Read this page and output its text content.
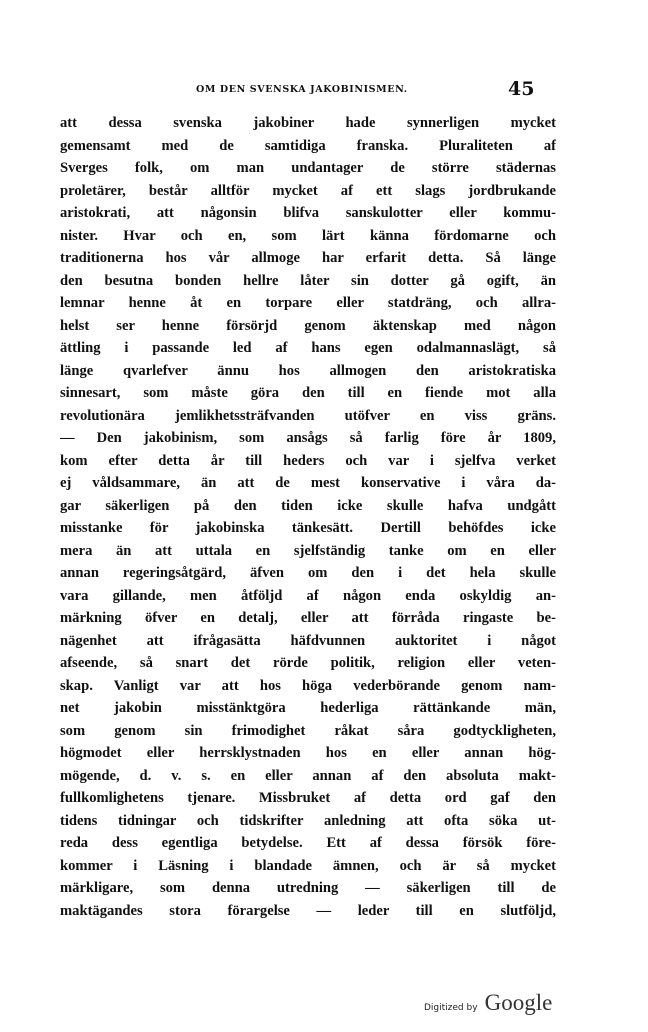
OM DEN SVENSKA JAKOBINISMEN.	45
att dessa svenska jakobiner hade synnerligen mycket
gemensamt med de samtidiga franska. Pluraliteten af
Sverges folk, om man undantager de större städernas
proletärer, består alltför mycket af ett slags jordbrukande
aristokrati, att någonsin blifva sanskulotter eller kommu-
nister. Hvar och en, som lärt känna fördomarne och
traditionerna hos vår allmoge har erfarit detta. Så länge
den besutna bonden hellre låter sin dotter gå ogift, än
lemnar henne åt en torpare eller statdräng, och allra-
helst ser henne försörjd genom äktenskap med någon
ättling i passande led af hans egen odalmannaslägt, så
länge qvarlefver ännu hos allmogen den aristokratiska
sinnesart, som måste göra den till en fiende mot alla
revolutionära jemlikhetssträfvanden utöfver en viss gräns.
— Den jakobinism, som ansågs så farlig före år 1809,
kom efter detta år till heders och var i sjelfva verket
ej våldsammare, än att de mest konservative i våra da-
gar säkerligen på den tiden icke skulle hafva undgått
misstanke för jakobinska tänkesätt. Dertill behöfdes icke
mera än att uttala en sjelfständig tanke om en eller
annan regeringsåtgärd, äfven om den i det hela skulle
vara gillande, men åtföljd af någon enda oskyldig an-
märkning öfver en detalj, eller att förråda ringaste be-
nägenhet att ifrågasätta häfdvunnen auktoritet i något
afseende, så snart det rörde politik, religion eller veten-
skap. Vanligt var att hos höga vederbörande genom nam-
net jakobin misstänktgöra hederliga rättänkande män,
som genom sin frimodighet råkat såra godtyckligheten,
högmodet eller herrsklystnaden hos en eller annan hög-
mögende, d. v. s. en eller annan af den absoluta makt-
fullkomlighetens tjenare. Missbruket af detta ord gaf den
tidens tidningar och tidskrifter anledning att ofta söka ut-
reda dess egentliga betydelse. Ett af dessa försök före-
kommer i Läsning i blandade ämnen, och är så mycket
märkligare, som denna utredning — säkerligen till de
maktägandes stora förargelse — leder till en slutföljd,
Digitized by Google
